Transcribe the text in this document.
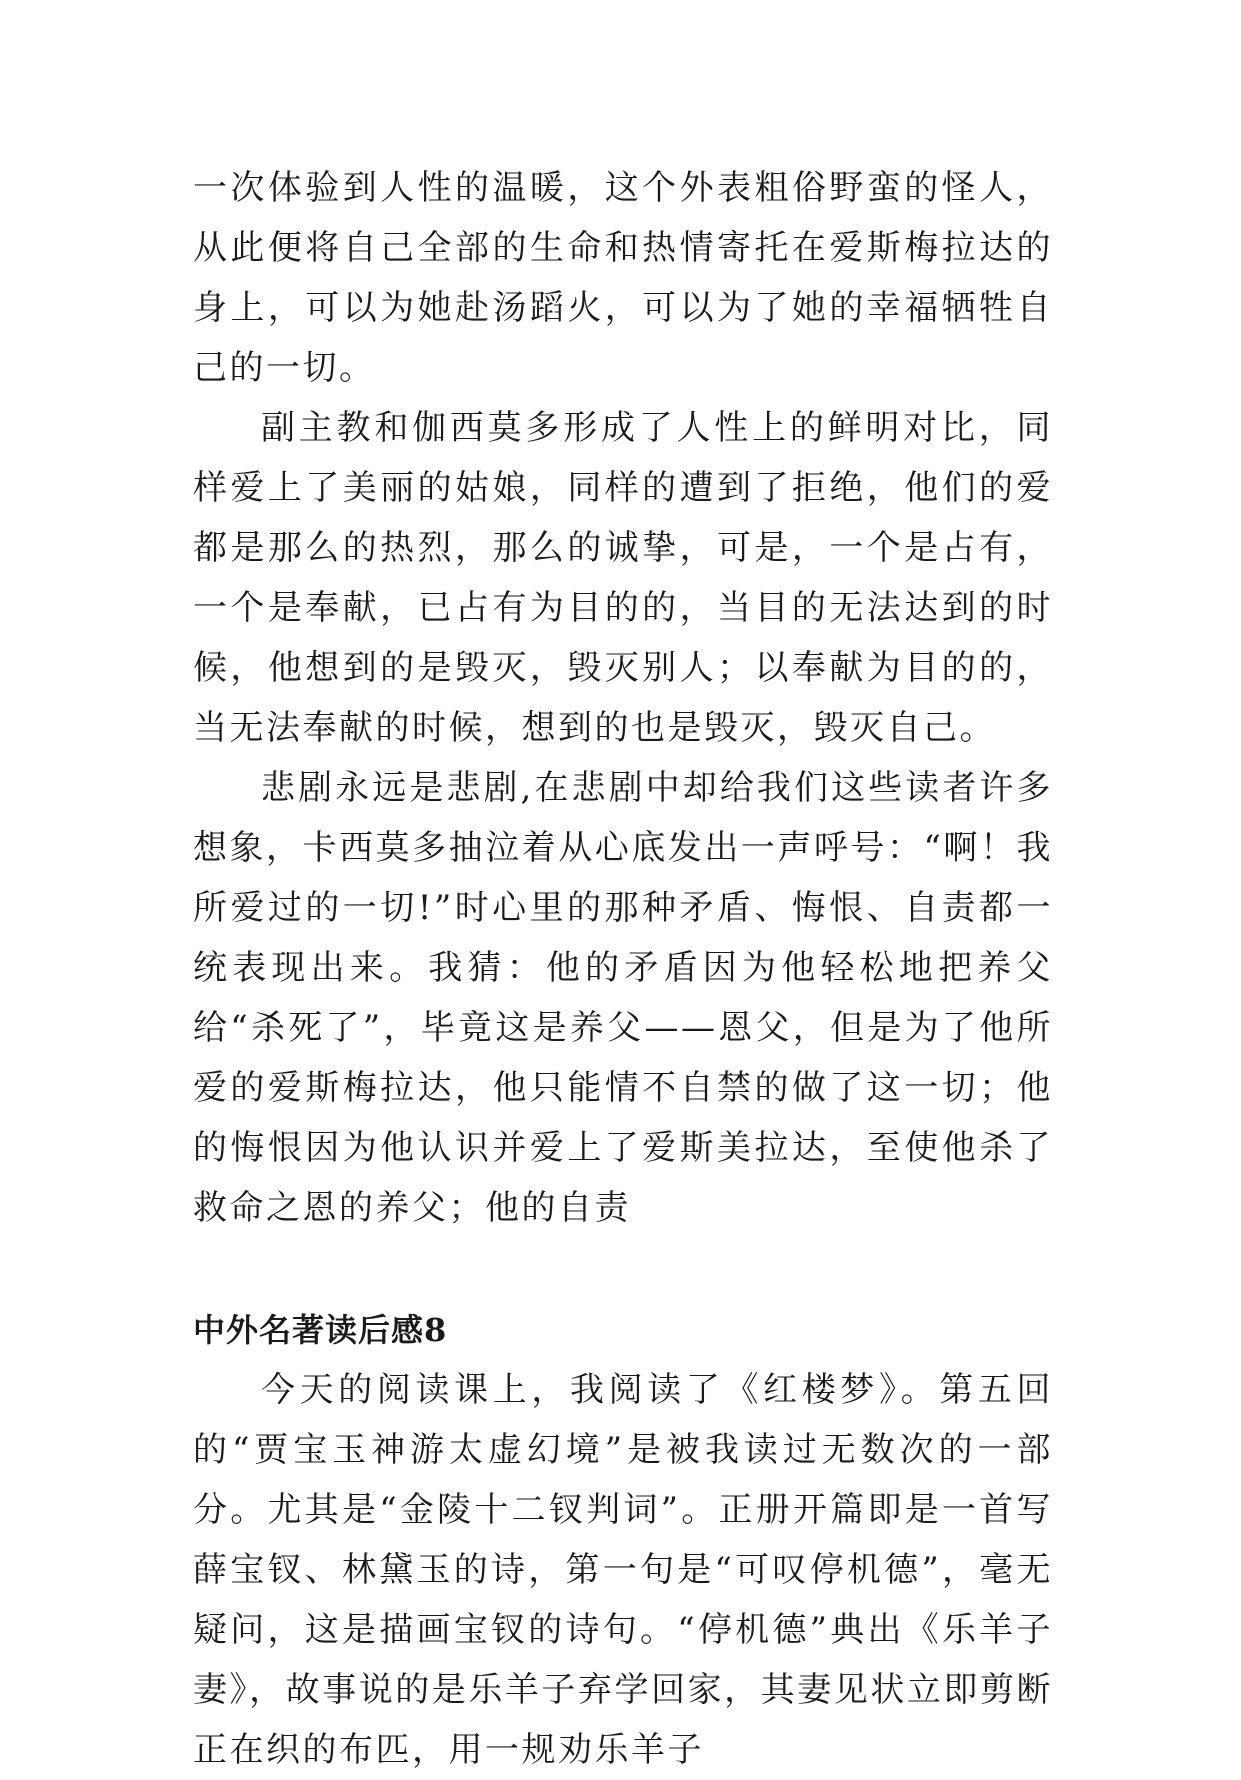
一次体验到人性的温暖，这个外表粗俗野蛮的怪人，从此便将自己全部的生命和热情寄托在爱斯梅拉达的身上，可以为她赴汤蹈火，可以为了她的幸福牺牲自己的一切。

副主教和伽西莫多形成了人性上的鲜明对比，同样爱上了美丽的姑娘，同样的遭到了拒绝，他们的爱都是那么的热烈，那么的诚挚，可是，一个是占有，一个是奉献，已占有为目的的，当目的无法达到的时候，他想到的是毁灭，毁灭别人；以奉献为目的的，当无法奉献的时候，想到的也是毁灭，毁灭自己。

悲剧永远是悲剧,在悲剧中却给我们这些读者许多想象，卡西莫多抽泣着从心底发出一声呼号：“啊！我所爱过的一切!”时心里的那种矛盾、悔恨、自责都一统表现出来。我猜：他的矛盾因为他轻松地把养父给“杀死了”，毕竟这是养父——恩父，但是为了他所爱的爱斯梅拉达，他只能情不自禁的做了这一切；他的悔恨因为他认识并爱上了爱斯美拉达，至使他杀了救命之恩的养父；他的自责

中外名著读后感8

今天的阅读课上，我阅读了《红楼梦》。第五回的“贾宝玉神游太虚幻境”是被我读过无数次的一部分。尤其是“金陵十二钗判词”。正册开篇即是一首写薛宝钗、林黛玉的诗，第一句是“可叹停机德”，毫无疑问，这是描画宝钗的诗句。“停机德”典出《乐羊子妻》，故事说的是乐羊子弃学回家，其妻见状立即剪断正在织的布匹，用一规劝乐羊子
